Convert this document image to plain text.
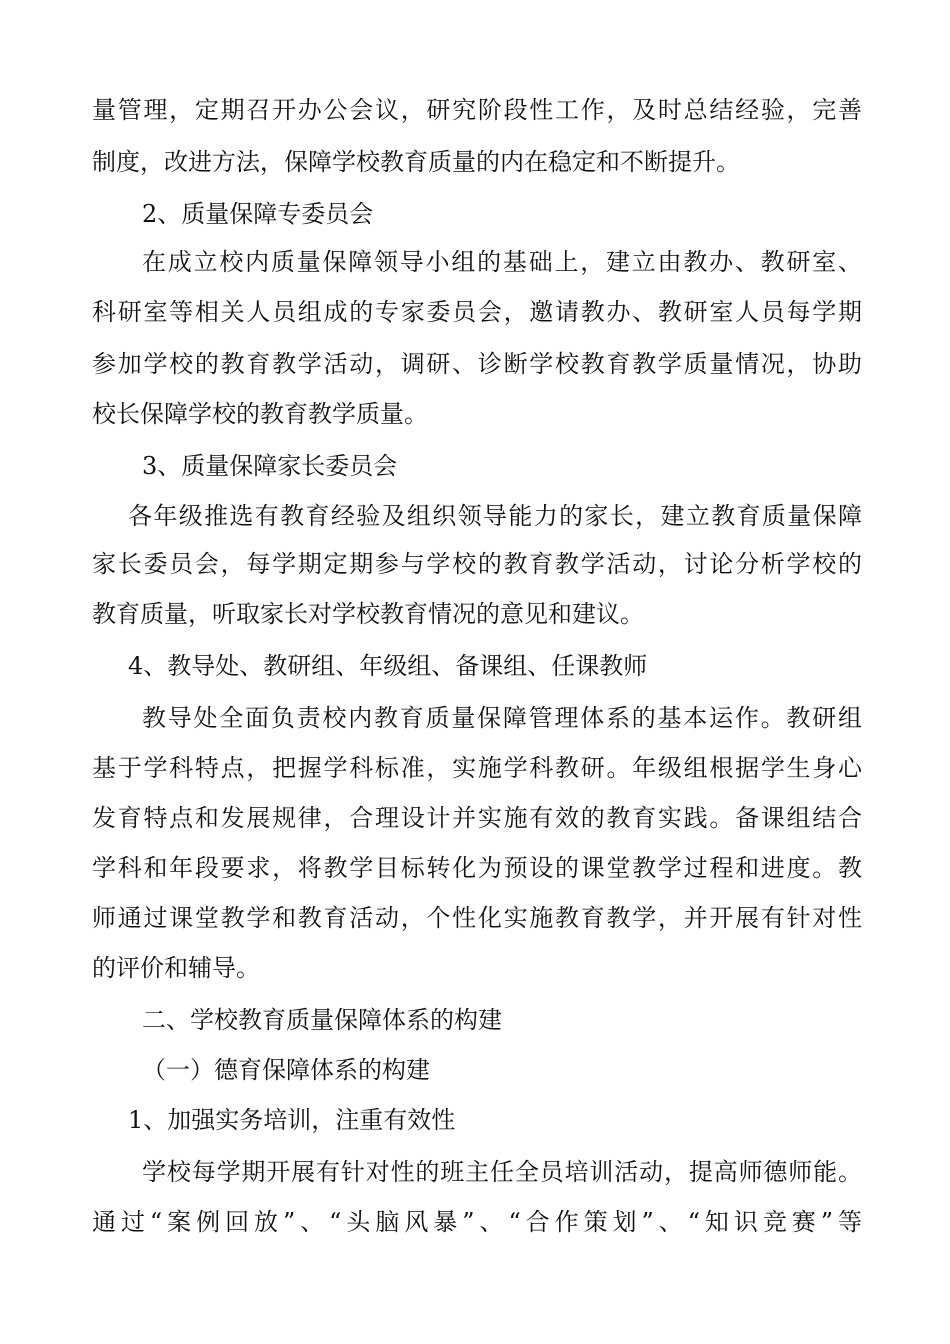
量管理，定期召开办公会议，研究阶段性工作，及时总结经验，完善
制度，改进方法，保障学校教育质量的内在稳定和不断提升。
2、质量保障专委员会
在成立校内质量保障领导小组的基础上，建立由教办、教研室、
科研室等相关人员组成的专家委员会，邀请教办、教研室人员每学期
参加学校的教育教学活动，调研、诊断学校教育教学质量情况，协助
校长保障学校的教育教学质量。
3、质量保障家长委员会
各年级推选有教育经验及组织领导能力的家长，建立教育质量保障
家长委员会，每学期定期参与学校的教育教学活动，讨论分析学校的
教育质量，听取家长对学校教育情况的意见和建议。
4、教导处、教研组、年级组、备课组、任课教师
教导处全面负责校内教育质量保障管理体系的基本运作。教研组
基于学科特点，把握学科标准，实施学科教研。年级组根据学生身心
发育特点和发展规律，合理设计并实施有效的教育实践。备课组结合
学科和年段要求，将教学目标转化为预设的课堂教学过程和进度。教
师通过课堂教学和教育活动，个性化实施教育教学，并开展有针对性
的评价和辅导。
二、学校教育质量保障体系的构建
（一）德育保障体系的构建
1、加强实务培训，注重有效性
学校每学期开展有针对性的班主任全员培训活动，提高师德师能。
通过“案例回放”、“头脑风暴”、“合作策划”、“知识竞赛”等
